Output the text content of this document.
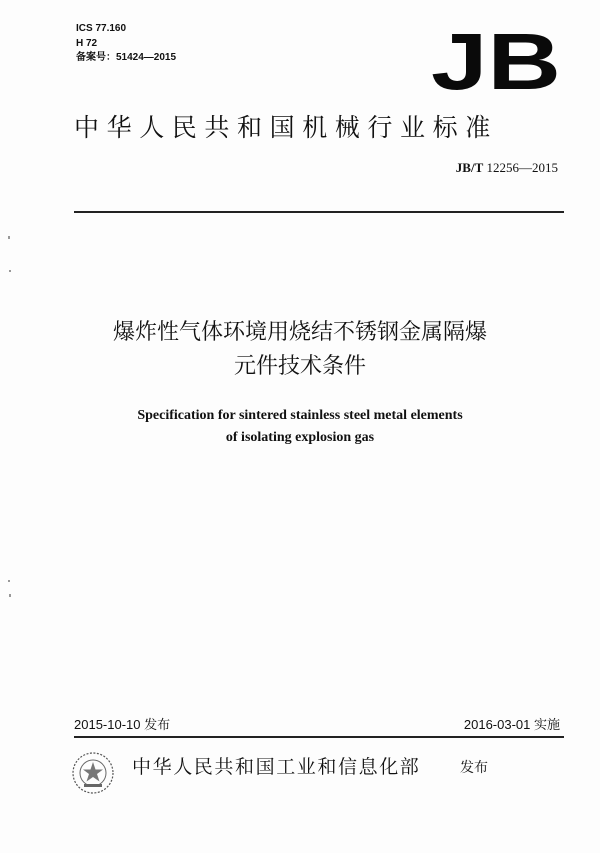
ICS 77.160
H 72
备案号：51424—2015	JB
中华人民共和国机械行业标准
JB/T 12256—2015
爆炸性气体环境用烧结不锈钢金属隔爆
元件技术条件
Specification for sintered stainless steel metal elements
of isolating explosion gas
2015-10-10 发布	2016-03-01 实施
中华人民共和国工业和信息化部	发布
